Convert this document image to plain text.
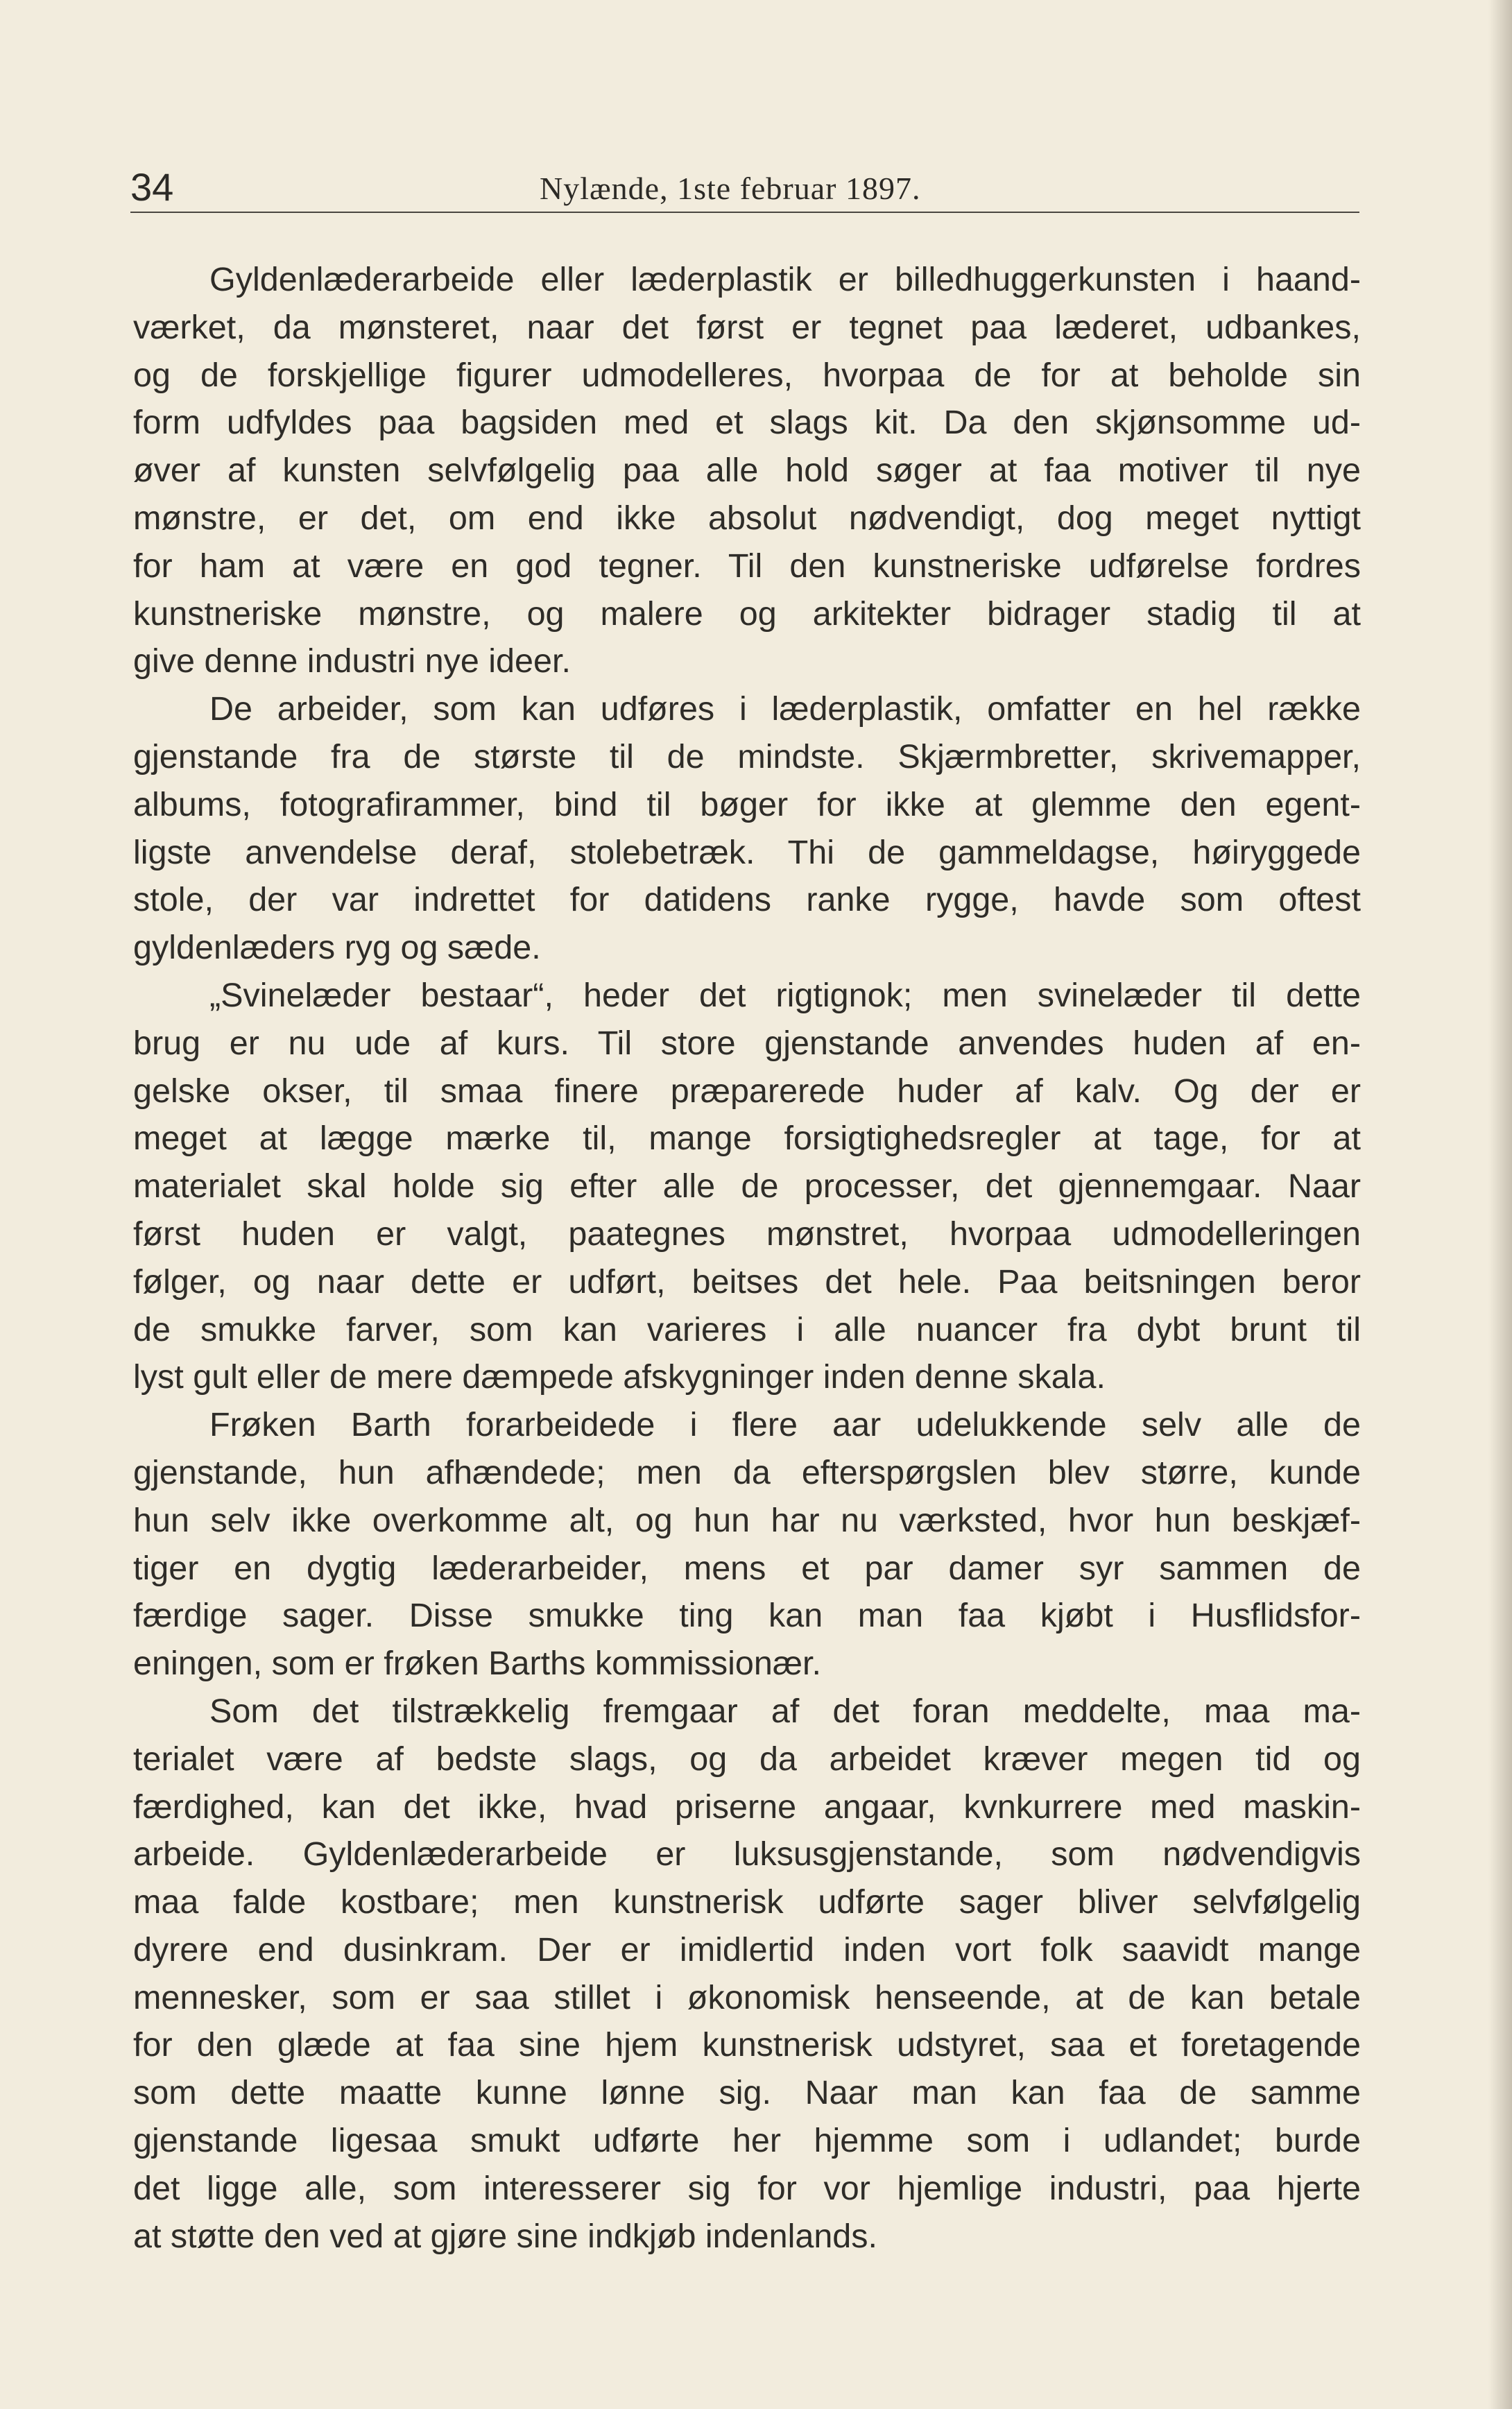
34	Nylænde, 1ste februar 1897.
Gyldenlæderarbeide eller læderplastik er billedhuggerkunsten i haand-
værket, da mønsteret, naar det først er tegnet paa læderet, udbankes,
og de forskjellige figurer udmodelleres, hvorpaa de for at beholde sin
form udfyldes paa bagsiden med et slags kit. Da den skjønsomme ud-
øver af kunsten selvfølgelig paa alle hold søger at faa motiver til nye
mønstre, er det, om end ikke absolut nødvendigt, dog meget nyttigt
for ham at være en god tegner. Til den kunstneriske udførelse fordres
kunstneriske mønstre, og malere og arkitekter bidrager stadig til at
give denne industri nye ideer.
De arbeider, som kan udføres i læderplastik, omfatter en hel række
gjenstande fra de største til de mindste. Skjærmbretter, skrivemapper,
albums, fotografirammer, bind til bøger for ikke at glemme den egent-
ligste anvendelse deraf, stolebetræk. Thi de gammeldagse, høiryggede
stole, der var indrettet for datidens ranke rygge, havde som oftest
gyldenlæders ryg og sæde.
„Svinelæder bestaar“, heder det rigtignok; men svinelæder til dette
brug er nu ude af kurs. Til store gjenstande anvendes huden af en-
gelske okser, til smaa finere præparerede huder af kalv. Og der er
meget at lægge mærke til, mange forsigtighedsregler at tage, for at
materialet skal holde sig efter alle de processer, det gjennemgaar. Naar
først huden er valgt, paategnes mønstret, hvorpaa udmodelleringen
følger, og naar dette er udført, beitses det hele. Paa beitsningen beror
de smukke farver, som kan varieres i alle nuancer fra dybt brunt til
lyst gult eller de mere dæmpede afskygninger inden denne skala.
Frøken Barth forarbeidede i flere aar udelukkende selv alle de
gjenstande, hun afhændede; men da efterspørgslen blev større, kunde
hun selv ikke overkomme alt, og hun har nu værksted, hvor hun beskjæf-
tiger en dygtig læderarbeider, mens et par damer syr sammen de
færdige sager. Disse smukke ting kan man faa kjøbt i Husflidsfor-
eningen, som er frøken Barths kommissionær.
Som det tilstrækkelig fremgaar af det foran meddelte, maa ma-
terialet være af bedste slags, og da arbeidet kræver megen tid og
færdighed, kan det ikke, hvad priserne angaar, kvnkurrere med maskin-
arbeide. Gyldenlæderarbeide er luksusgjenstande, som nødvendigvis
maa falde kostbare; men kunstnerisk udførte sager bliver selvfølgelig
dyrere end dusinkram. Der er imidlertid inden vort folk saavidt mange
mennesker, som er saa stillet i økonomisk henseende, at de kan betale
for den glæde at faa sine hjem kunstnerisk udstyret, saa et foretagende
som dette maatte kunne lønne sig. Naar man kan faa de samme
gjenstande ligesaa smukt udførte her hjemme som i udlandet; burde
det ligge alle, som interesserer sig for vor hjemlige industri, paa hjerte
at støtte den ved at gjøre sine indkjøb indenlands.
